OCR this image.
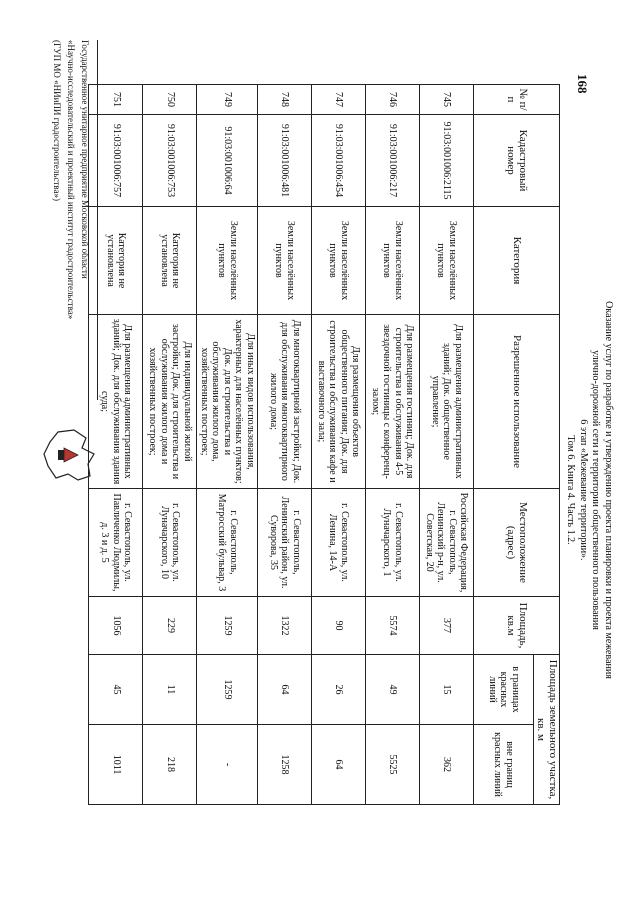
Оказание услуг по разработке и утверждению проекта планировки и проекта межевания
улично-дорожной сети и территории общественного пользования
6 этап «Межевание территории».
Том 6. Книга 4. Часть 1.2.
№ п/п	Кадастровый номер	Категория	Разрешенное использование	Местоположение (адрес)	Площадь, кв.м	Площадь земельного участка, кв. м	
						в границах красных линий	вне границ красных линий
745	91:03:001006:2115	Земли населённых пунктов	Для размещения административных зданий; Док. общественное управление;	Российская Федерация, г. Севастополь, Ленинский р-н, ул. Советская, 20	377	15	362
746	91:03:001006:217	Земли населённых пунктов	Для размещения гостиниц; Док. для строительства и обслуживания 4-5 звездочной гостиницы с конференц-залом;	г. Севастополь, ул. Луначарского, 1	5574	49	5525
747	91:03:001006:454	Земли населённых пунктов	Для размещения объектов общественного питания; Док. для строительства и обслуживания кафе и выставочного зала;	г. Севастополь, ул. Ленина, 14-А	90	26	64
748	91:03:001006:481	Земли населённых пунктов	Для многоквартирной застройки; Док. для обслуживания многоквартирного жилого дома;	г. Севастополь, Ленинский район, ул. Суворова, 35	1322	64	1258
749	91:03:001006:64	Земли населённых пунктов	Для иных видов использования, характерных для населённых пунктов; Док. для строительства и обслуживания жилого дома, хозяйственных построек;	г. Севастополь, Матросский бульвар, 3	1259	1259	-
750	91:03:001006:753	Категория не установлена	Для индивидуальной жилой застройки; Док. для строительства и обслуживания жилого дома и хозяйственных построек;	г. Севастополь, ул. Луначарского, 10	229	11	218
751	91:03:001006:757	Категория не установлена	Для размещения административных зданий; Док. для обслуживания здания суда;	г. Севастополь, ул. Павличенко Людмилы, д. 3 и д. 5	1056	45	1011
Государственное унитарное предприятие Московской области
«Научно-исследовательский и проектный институт градостроительства»
(ГУП МО «НИиПИ градостроительства»)	168
